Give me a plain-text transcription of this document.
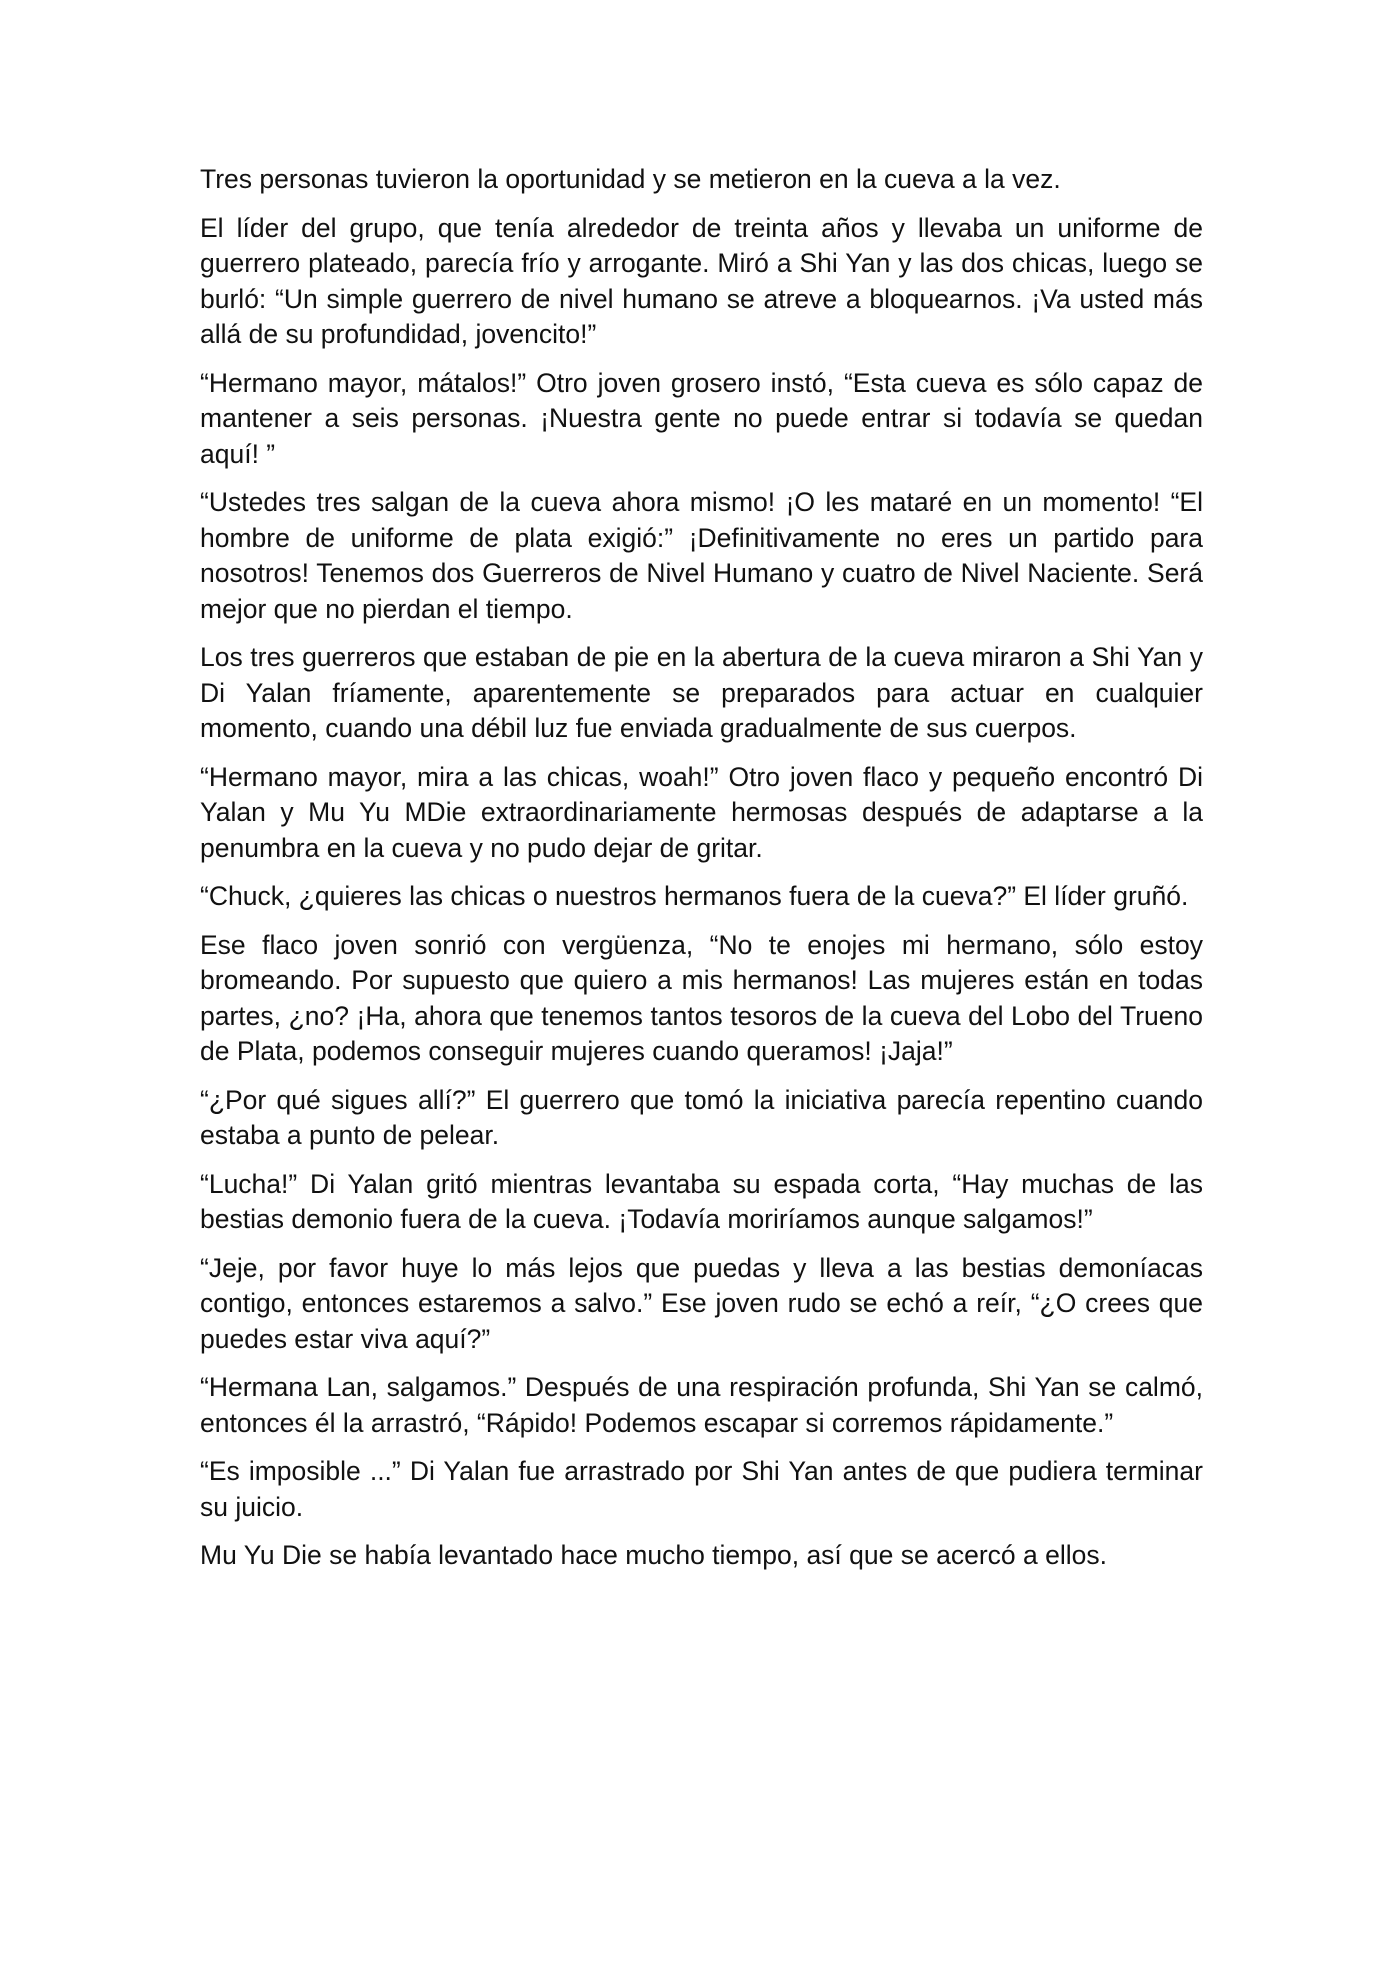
Tres personas tuvieron la oportunidad y se metieron en la cueva a la vez.

El líder del grupo, que tenía alrededor de treinta años y llevaba un uniforme de guerrero plateado, parecía frío y arrogante. Miró a Shi Yan y las dos chicas, luego se burló: “Un simple guerrero de nivel humano se atreve a bloquearnos. ¡Va usted más allá de su profundidad, jovencito!”

“Hermano mayor, mátalos!” Otro joven grosero instó, “Esta cueva es sólo capaz de mantener a seis personas. ¡Nuestra gente no puede entrar si todavía se quedan aquí! ”

“Ustedes tres salgan de la cueva ahora mismo! ¡O les mataré en un momento! “El hombre de uniforme de plata exigió:” ¡Definitivamente no eres un partido para nosotros! Tenemos dos Guerreros de Nivel Humano y cuatro de Nivel Naciente. Será mejor que no pierdan el tiempo.

Los tres guerreros que estaban de pie en la abertura de la cueva miraron a Shi Yan y Di Yalan fríamente, aparentemente se preparados para actuar en cualquier momento, cuando una débil luz fue enviada gradualmente de sus cuerpos.

“Hermano mayor, mira a las chicas, woah!” Otro joven flaco y pequeño encontró Di Yalan y Mu Yu MDie extraordinariamente hermosas después de adaptarse a la penumbra en la cueva y no pudo dejar de gritar.

“Chuck, ¿quieres las chicas o nuestros hermanos fuera de la cueva?” El líder gruñó.

Ese flaco joven sonrió con vergüenza, “No te enojes mi hermano, sólo estoy bromeando. Por supuesto que quiero a mis hermanos! Las mujeres están en todas partes, ¿no? ¡Ha, ahora que tenemos tantos tesoros de la cueva del Lobo del Trueno de Plata, podemos conseguir mujeres cuando queramos! ¡Jaja!”

“¿Por qué sigues allí?” El guerrero que tomó la iniciativa parecía repentino cuando estaba a punto de pelear.

“Lucha!” Di Yalan gritó mientras levantaba su espada corta, “Hay muchas de las bestias demonio fuera de la cueva. ¡Todavía moriríamos aunque salgamos!”

“Jeje, por favor huye lo más lejos que puedas y lleva a las bestias demoníacas contigo, entonces estaremos a salvo.” Ese joven rudo se echó a reír, “¿O crees que puedes estar viva aquí?”

“Hermana Lan, salgamos.” Después de una respiración profunda, Shi Yan se calmó, entonces él la arrastró, “Rápido! Podemos escapar si corremos rápidamente.”

“Es imposible ...” Di Yalan fue arrastrado por Shi Yan antes de que pudiera terminar su juicio.

Mu Yu Die se había levantado hace mucho tiempo, así que se acercó a ellos.
